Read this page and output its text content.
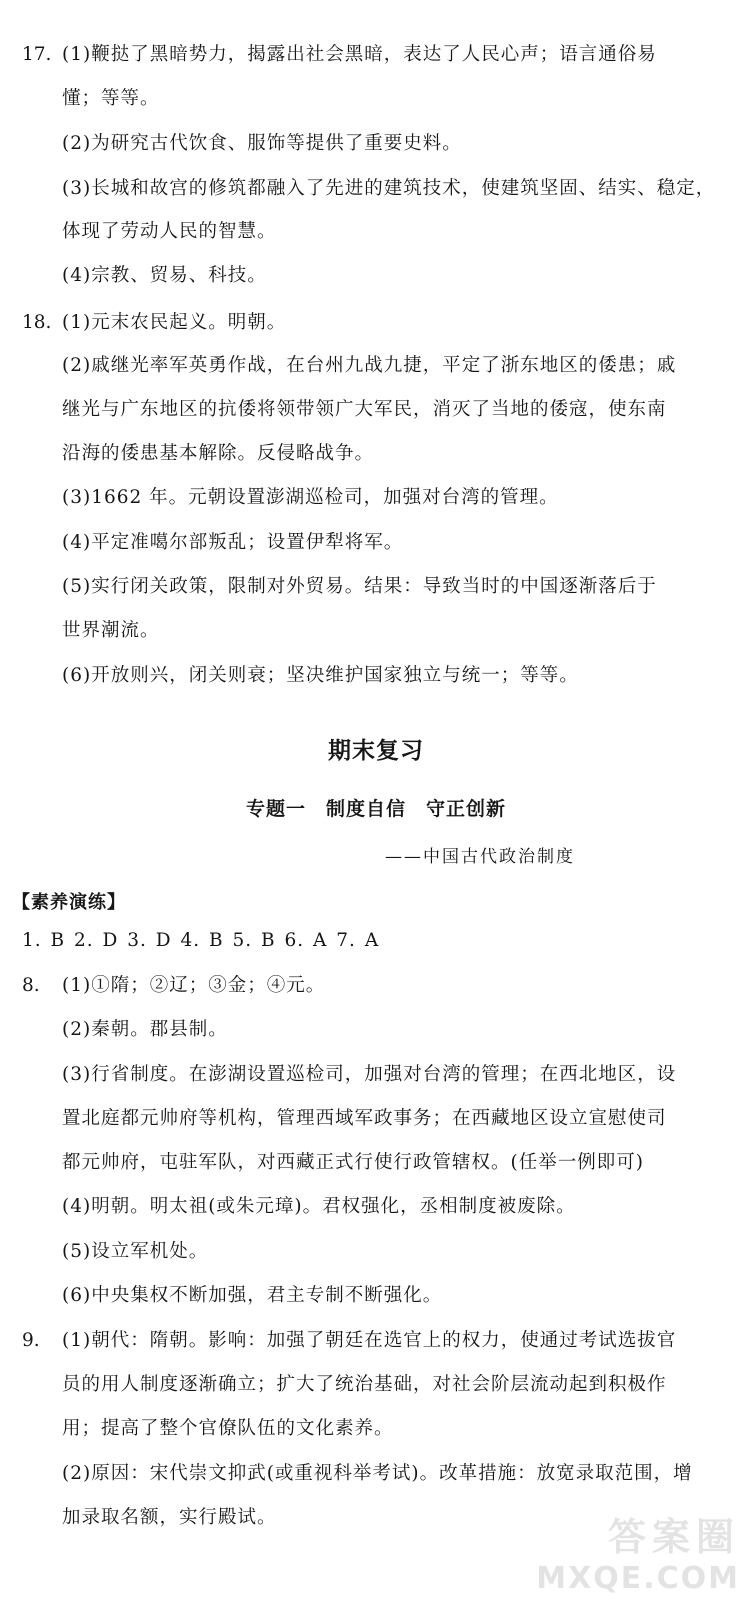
17. (1)鞭挞了黑暗势力，揭露出社会黑暗，表达了人民心声；语言通俗易
懂；等等。
(2)为研究古代饮食、服饰等提供了重要史料。
(3)长城和故宫的修筑都融入了先进的建筑技术，使建筑坚固、结实、稳定，
体现了劳动人民的智慧。
(4)宗教、贸易、科技。
18. (1)元末农民起义。明朝。
(2)戚继光率军英勇作战，在台州九战九捷，平定了浙东地区的倭患；戚
继光与广东地区的抗倭将领带领广大军民，消灭了当地的倭寇，使东南
沿海的倭患基本解除。反侵略战争。
(3)1662 年。元朝设置澎湖巡检司，加强对台湾的管理。
(4)平定准噶尔部叛乱；设置伊犁将军。
(5)实行闭关政策，限制对外贸易。结果：导致当时的中国逐渐落后于
世界潮流。
(6)开放则兴，闭关则衰；坚决维护国家独立与统一；等等。
期末复习
专题一　制度自信　守正创新
——中国古代政治制度
【素养演练】
1. B 2. D 3. D 4. B 5. B 6. A 7. A
8. (1)①隋；②辽；③金；④元。
(2)秦朝。郡县制。
(3)行省制度。在澎湖设置巡检司，加强对台湾的管理；在西北地区，设
置北庭都元帅府等机构，管理西域军政事务；在西藏地区设立宣慰使司
都元帅府，屯驻军队，对西藏正式行使行政管辖权。(任举一例即可)
(4)明朝。明太祖(或朱元璋)。君权强化，丞相制度被废除。
(5)设立军机处。
(6)中央集权不断加强，君主专制不断强化。
9. (1)朝代：隋朝。影响：加强了朝廷在选官上的权力，使通过考试选拔官
员的用人制度逐渐确立；扩大了统治基础，对社会阶层流动起到积极作
用；提高了整个官僚队伍的文化素养。
(2)原因：宋代崇文抑武(或重视科举考试)。改革措施：放宽录取范围，增
加录取名额，实行殿试。	答案圈
MXQE.COM
